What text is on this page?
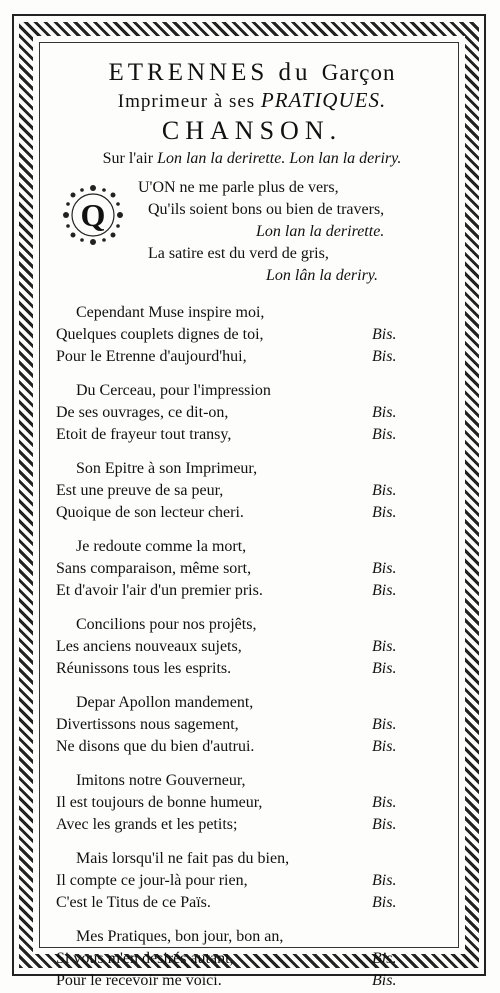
ETRENNES du Garçon
Imprimeur à ses PRATIQUES.
CHANSON.
Sur l'air Lon lan la derirette. Lon lan la deriry.
Q
U'ON ne me parle plus de vers,
Qu'ils soient bons ou bien de travers,
Lon lan la derirette.
La satire est du verd de gris,
Lon lân la deriry.
Cependant Muse inspire moi,
Quelques couplets dignes de toi,	Bis.
Pour le Etrenne d'aujourd'hui,	Bis.
Du Cerceau, pour l'impression
De ses ouvrages, ce dit-on,	Bis.
Etoit de frayeur tout transy,	Bis.
Son Epitre à son Imprimeur,
Est une preuve de sa peur,	Bis.
Quoique de son lecteur cheri.	Bis.
Je redoute comme la mort,
Sans comparaison, même sort,	Bis.
Et d'avoir l'air d'un premier pris.	Bis.
Concilions pour nos projêts,
Les anciens nouveaux sujets,	Bis.
Réunissons tous les esprits.	Bis.
Depar Apollon mandement,
Divertissons nous sagement,	Bis.
Ne disons que du bien d'autrui.	Bis.
Imitons notre Gouverneur,
Il est toujours de bonne humeur,	Bis.
Avec les grands et les petits;	Bis.
Mais lorsqu'il ne fait pas du bien,
Il compte ce jour-là pour rien,	Bis.
C'est le Titus de ce Païs.	Bis.
Mes Pratiques, bon jour, bon an,
Si vous m'en desirés autant,	Bis.
Pour le recevoir me voici.	Bis.
